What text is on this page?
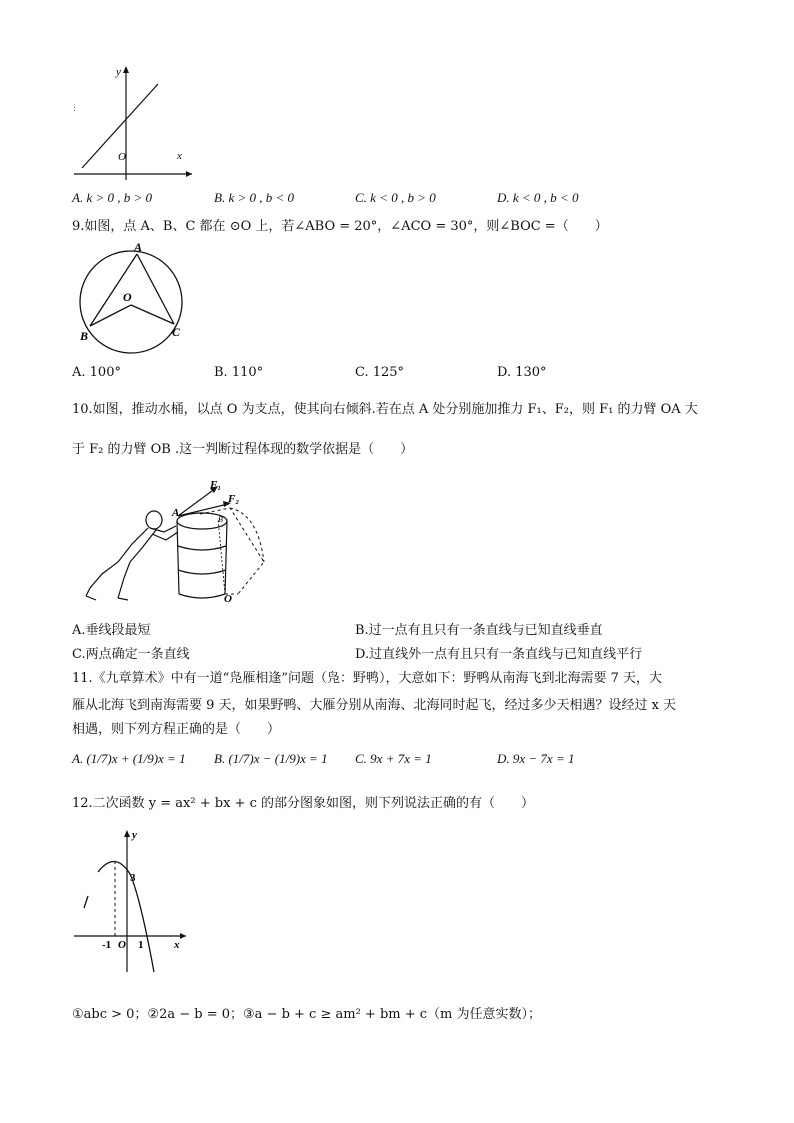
y
x
O
:
A. k > 0 , b > 0	B. k > 0 , b < 0	C. k < 0 , b > 0	D. k < 0 , b < 0
9.如图，点 A、B、C 都在 ⊙O 上，若∠ABO = 20°，∠ACO = 30°，则∠BOC =（　　）
A
O
B	C
A. 100°	B. 110°	C. 125°	D. 130°
10.如图，推动水桶，以点 O 为支点，使其向右倾斜.若在点 A 处分别施加推力 F₁、F₂，则 F₁ 的力臂 OA 大
于 F₂ 的力臂 OB .这一判断过程体现的数学依据是（　　）
F₁
F₂
A
B
O
A.垂线段最短	B.过一点有且只有一条直线与已知直线垂直
C.两点确定一条直线	D.过直线外一点有且只有一条直线与已知直线平行
11.《九章算术》中有一道“凫雁相逢”问题（凫：野鸭），大意如下：野鸭从南海飞到北海需要 7 天，大
雁从北海飞到南海需要 9 天，如果野鸭、大雁分别从南海、北海同时起飞，经过多少天相遇？设经过 x 天
相遇，则下列方程正确的是（　　）
A. (1/7)x + (1/9)x = 1 B. (1/7)x − (1/9)x = 1 C. 9x + 7x = 1	D. 9x − 7x = 1
12.二次函数 y = ax² + bx + c 的部分图象如图，则下列说法正确的有（　　）
y
x
3
-1 O 1
①abc > 0；②2a − b = 0；③a − b + c ≥ am² + bm + c（m 为任意实数）；
